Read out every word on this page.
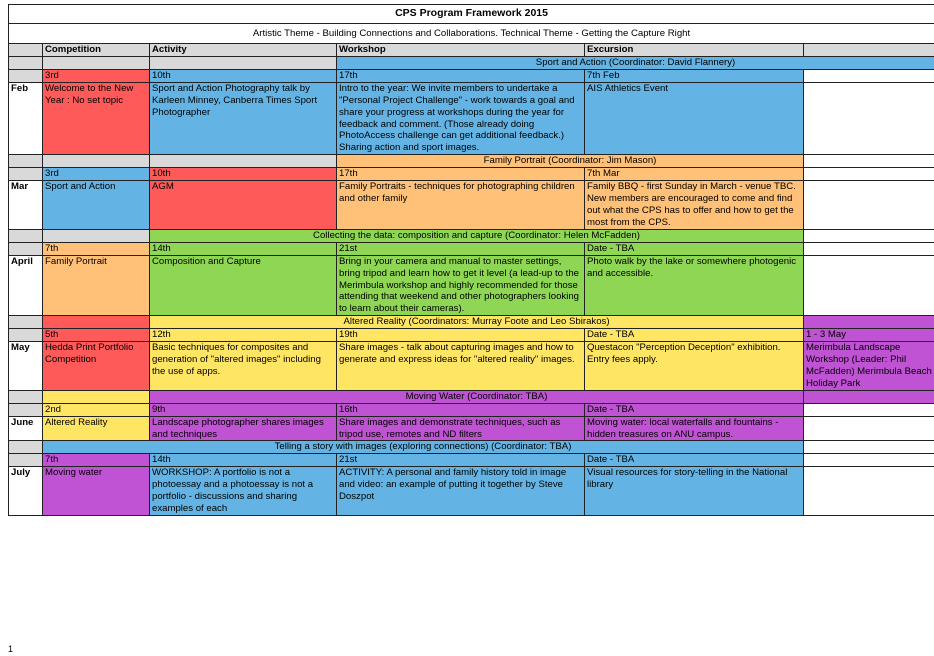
CPS Program Framework 2015					
Artistic Theme - Building Connections and Collaborations. Technical Theme - Getting the Capture Right					
	Competition	Activity	Workshop	Excursion	
			Sport and Action (Coordinator: David Flannery)		
	3rd	10th	17th	7th Feb	
Feb	Welcome to the New Year : No set topic	Sport and Action Photography talk by Karleen Minney, Canberra Times Sport Photographer	Intro to the year: We invite members to undertake a "Personal Project Challenge" - work towards a goal and share your progress at workshops during the year for feedback and comment. (Those already doing PhotoAccess challenge can get additional feedback.) Sharing action and sport images.	AIS Athletics Event	
			Family Portrait (Coordinator: Jim Mason)		
	3rd	10th	17th	7th Mar	
Mar	Sport and Action	AGM	Family Portraits - techniques for photographing children and other family	Family BBQ - first Sunday in March - venue TBC. New members are encouraged to come and find out what the CPS has to offer and how to get the most from the CPS.	
		Collecting the data: composition and capture (Coordinator: Helen McFadden)			
	7th	14th	21st	Date - TBA	
April	Family Portrait	Composition and Capture	Bring in your camera and manual to master settings, bring tripod and learn how to get it level (a lead-up to the Merimbula workshop and highly recommended for those attending that weekend and other photographers looking to learn about their cameras).	Photo walk by the lake or somewhere photogenic and accessible.	
		Altered Reality (Coordinators: Murray Foote and Leo Sbirakos)			
	5th	12th	19th	Date - TBA	1 - 3 May
May	Hedda Print Portfolio Competition	Basic techniques for composites and generation of "altered images" including the use of apps.	Share images - talk about capturing images and how to generate and express ideas for "altered reality" images.	Questacon "Perception Deception" exhibition. Entry fees apply.	Merimbula Landscape Workshop (Leader: Phil McFadden) Merimbula Beach Holiday Park
		Moving Water (Coordinator: TBA)			
	2nd	9th	16th	Date - TBA	
June	Altered Reality	Landscape photographer shares images and techniques	Share images and demonstrate techniques, such as tripod use, remotes and ND filters	Moving water: local waterfalls and fountains - hidden treasures on ANU campus.	
	Telling a story with images (exploring connections) (Coordinator: TBA)				
	7th	14th	21st	Date - TBA	
July	Moving water	WORKSHOP: A portfolio is not a photoessay and a photoessay is not a portfolio - discussions and sharing examples of each	ACTIVITY: A personal and family history told in image and video: an example of putting it together by Steve Doszpot	Visual resources for story-telling in the National library	
1
